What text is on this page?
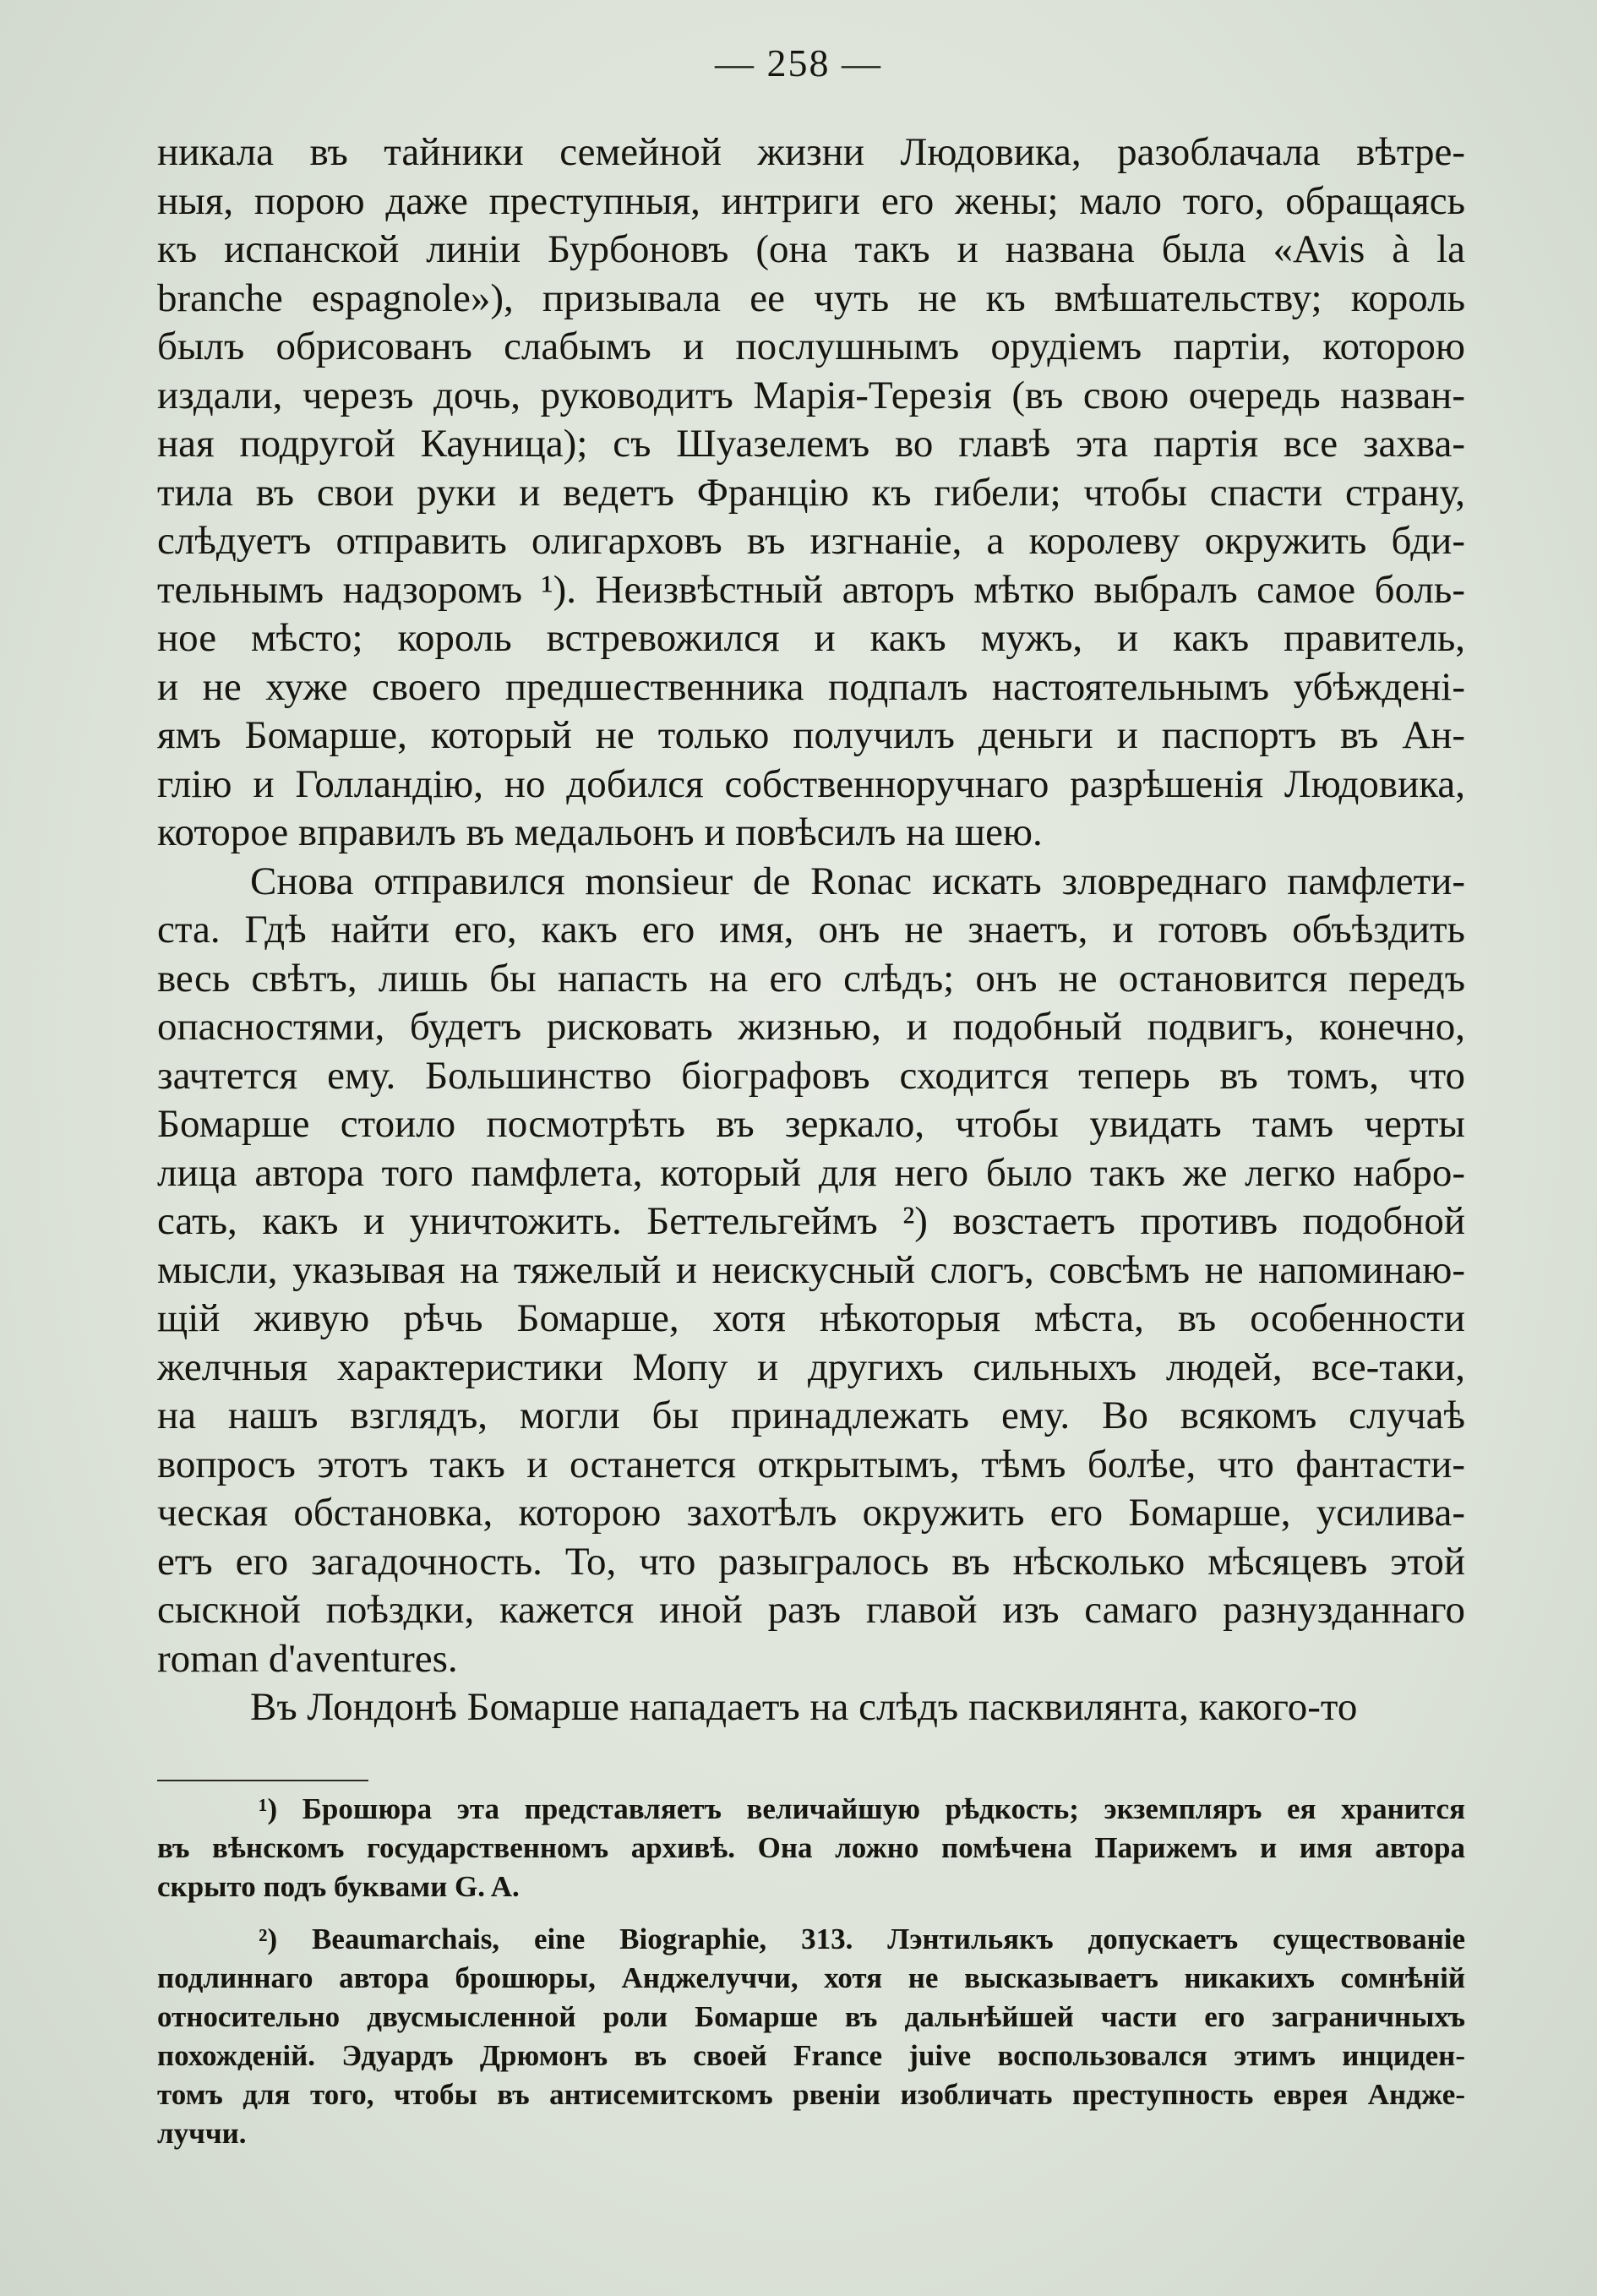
— 258 —
никала въ тайники семейной жизни Людовика, разоблачала вѣтре-
ныя, порою даже преступныя, интриги его жены; мало того, обращаясь
къ испанской линіи Бурбоновъ (она такъ и названа была «Avis à la
branche espagnole»), призывала ее чуть не къ вмѣшательству; король
былъ обрисованъ слабымъ и послушнымъ орудіемъ партіи, которою
издали, черезъ дочь, руководитъ Марія-Терезія (въ свою очередь назван-
ная подругой Кауница); съ Шуазелемъ во главѣ эта партія все захва-
тила въ свои руки и ведетъ Францію къ гибели; чтобы спасти страну,
слѣдуетъ отправить олигарховъ въ изгнаніе, а королеву окружить бди-
тельнымъ надзоромъ ¹). Неизвѣстный авторъ мѣтко выбралъ самое боль-
ное мѣсто; король встревожился и какъ мужъ, и какъ правитель,
и не хуже своего предшественника подпалъ настоятельнымъ убѣжденi-
ямъ Бомарше, который не только получилъ деньги и паспортъ въ Ан-
глію и Голландію, но добился собственноручнаго разрѣшенія Людовика,
которое вправилъ въ медальонъ и повѣсилъ на шею.
Снова отправился monsieur de Ronac искать зловреднаго памфлети-
ста. Гдѣ найти его, какъ его имя, онъ не знаетъ, и готовъ объѣздить
весь свѣтъ, лишь бы напасть на его слѣдъ; онъ не остановится передъ
опасностями, будетъ рисковать жизнью, и подобный подвигъ, конечно,
зачтется ему. Большинство біографовъ сходится теперь въ томъ, что
Бомарше стоило посмотрѣть въ зеркало, чтобы увидать тамъ черты
лица автора того памфлета, который для него было такъ же легко набро-
сать, какъ и уничтожить. Беттельгеймъ ²) возстаетъ противъ подобной
мысли, указывая на тяжелый и неискусный слогъ, совсѣмъ не напоминаю-
щій живую рѣчь Бомарше, хотя нѣкоторыя мѣста, въ особенности
желчныя характеристики Мопу и другихъ сильныхъ людей, все-таки,
на нашъ взглядъ, могли бы принадлежать ему. Во всякомъ случаѣ
вопросъ этотъ такъ и останется открытымъ, тѣмъ болѣе, что фантасти-
ческая обстановка, которою захотѣлъ окружить его Бомарше, усилива-
етъ его загадочность. То, что разыгралось въ нѣсколько мѣсяцевъ этой
сыскной поѣздки, кажется иной разъ главой изъ самаго разнузданнаго
roman d'aventures.
Въ Лондонѣ Бомарше нападаетъ на слѣдъ пасквилянта, какого-то
¹) Брошюра эта представляетъ величайшую рѣдкость; экземпляръ ея хранится
въ вѣнскомъ государственномъ архивѣ. Она ложно помѣчена Парижемъ и имя автора
скрыто подъ буквами G. A.
²) Beaumarchais, eine Biographie, 313. Лэнтильякъ допускаетъ существованіе
подлиннаго автора брошюры, Анджелуччи, хотя не высказываетъ никакихъ сомнѣній
относительно двусмысленной роли Бомарше въ дальнѣйшей части его заграничныхъ
похожденій. Эдуардъ Дрюмонъ въ своей France juive воспользовался этимъ инциден-
томъ для того, чтобы въ антисемитскомъ рвеніи изобличать преступность еврея Андже-
луччи.
